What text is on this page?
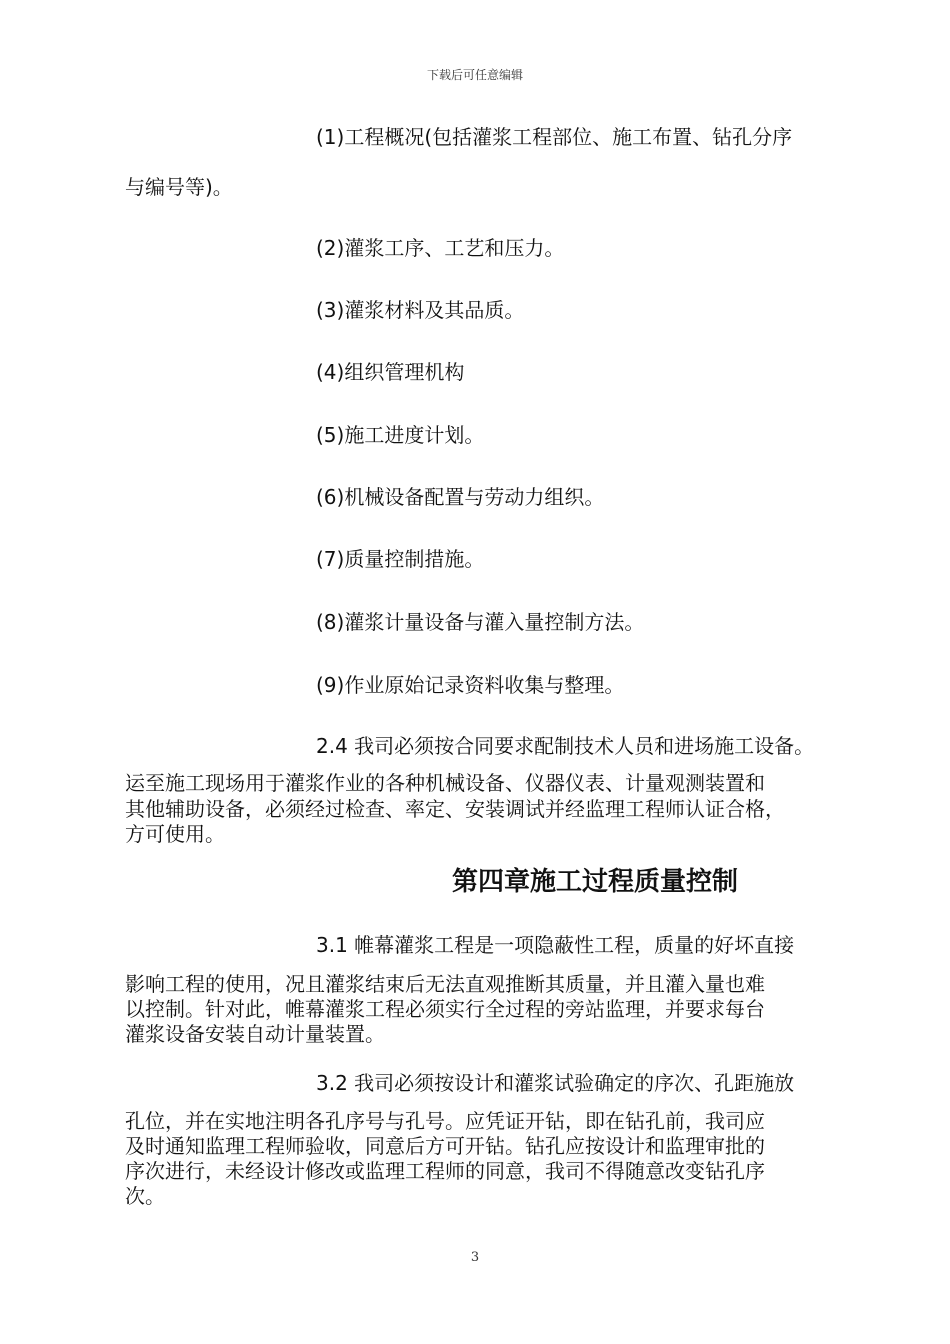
下载后可任意编辑
(1)工程概况(包括灌浆工程部位、施工布置、钻孔分序
与编号等)。
(2)灌浆工序、工艺和压力。
(3)灌浆材料及其品质。
(4)组织管理机构
(5)施工进度计划。
(6)机械设备配置与劳动力组织。
(7)质量控制措施。
(8)灌浆计量设备与灌入量控制方法。
(9)作业原始记录资料收集与整理。
2.4 我司必须按合同要求配制技术人员和进场施工设备。
运至施工现场用于灌浆作业的各种机械设备、仪器仪表、计量观测装置和
其他辅助设备，必须经过检查、率定、安装调试并经监理工程师认证合格，
方可使用。
第四章施工过程质量控制
3.1 帷幕灌浆工程是一项隐蔽性工程，质量的好坏直接
影响工程的使用，况且灌浆结束后无法直观推断其质量，并且灌入量也难
以控制。针对此，帷幕灌浆工程必须实行全过程的旁站监理，并要求每台
灌浆设备安装自动计量装置。
3.2 我司必须按设计和灌浆试验确定的序次、孔距施放
孔位，并在实地注明各孔序号与孔号。应凭证开钻，即在钻孔前，我司应
及时通知监理工程师验收，同意后方可开钻。钻孔应按设计和监理审批的
序次进行，未经设计修改或监理工程师的同意，我司不得随意改变钻孔序
次。
3
